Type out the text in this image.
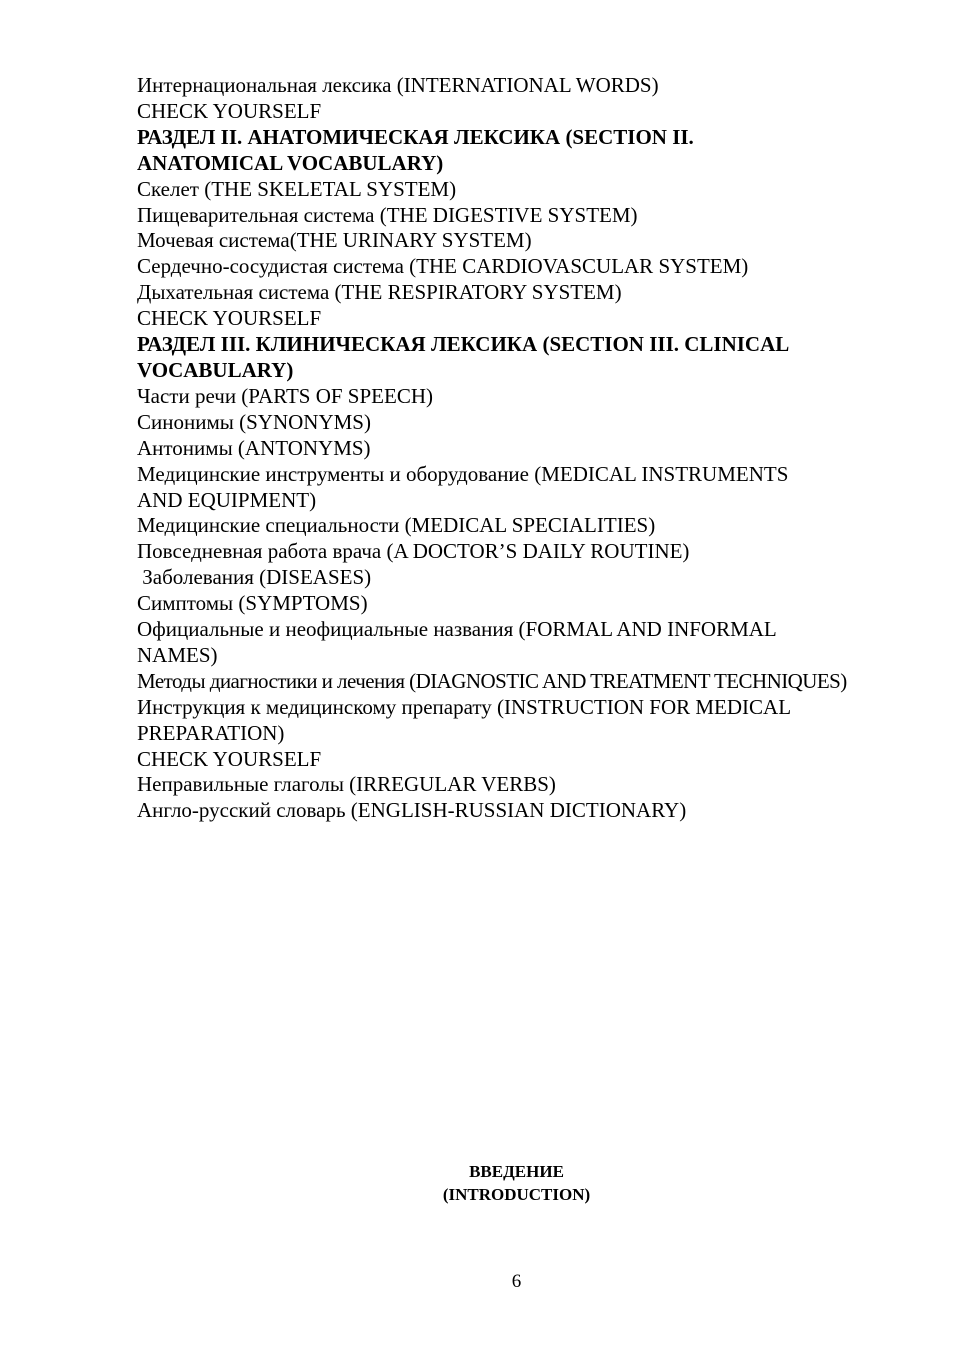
Интернациональная лексика (INTERNATIONAL WORDS)
CHECK YOURSELF
РАЗДЕЛ II. АНАТОМИЧЕСКАЯ ЛЕКСИКА (SECTION II.
ANATOMICAL VOCABULARY)
Скелет (THE SKELETAL SYSTEM)
Пищеварительная система (THE DIGESTIVE SYSTEM)
Мочевая система(THE URINARY SYSTEM)
Сердечно-сосудистая система (THE CARDIOVASCULAR SYSTEM)
Дыхательная система (THE RESPIRATORY SYSTEM)
CHECK YOURSELF
РАЗДЕЛ III. КЛИНИЧЕСКАЯ ЛЕКСИКА (SECTION III. CLINICAL
VOCABULARY)
Части речи (PARTS OF SPEECH)
Синонимы (SYNONYMS)
Антонимы (ANTONYMS)
Медицинские инструменты и оборудование (MEDICAL INSTRUMENTS
AND EQUIPMENT)
Медицинские специальности (MEDICAL SPECIALITIES)
Повседневная работа врача (A DOCTOR’S DAILY ROUTINE)
Заболевания (DISEASES)
Симптомы (SYMPTOMS)
Официальные и неофициальные названия (FORMAL AND INFORMAL
NAMES)
Методы диагностики и лечения (DIAGNOSTIC AND TREATMENT TECHNIQUES)
Инструкция к медицинскому препарату (INSTRUCTION FOR MEDICAL
PREPARATION)
CHECK YOURSELF
Неправильные глаголы (IRREGULAR VERBS)
Англо-русский словарь (ENGLISH-RUSSIAN DICTIONARY)
ВВЕДЕНИЕ
(INTRODUCTION)
6
